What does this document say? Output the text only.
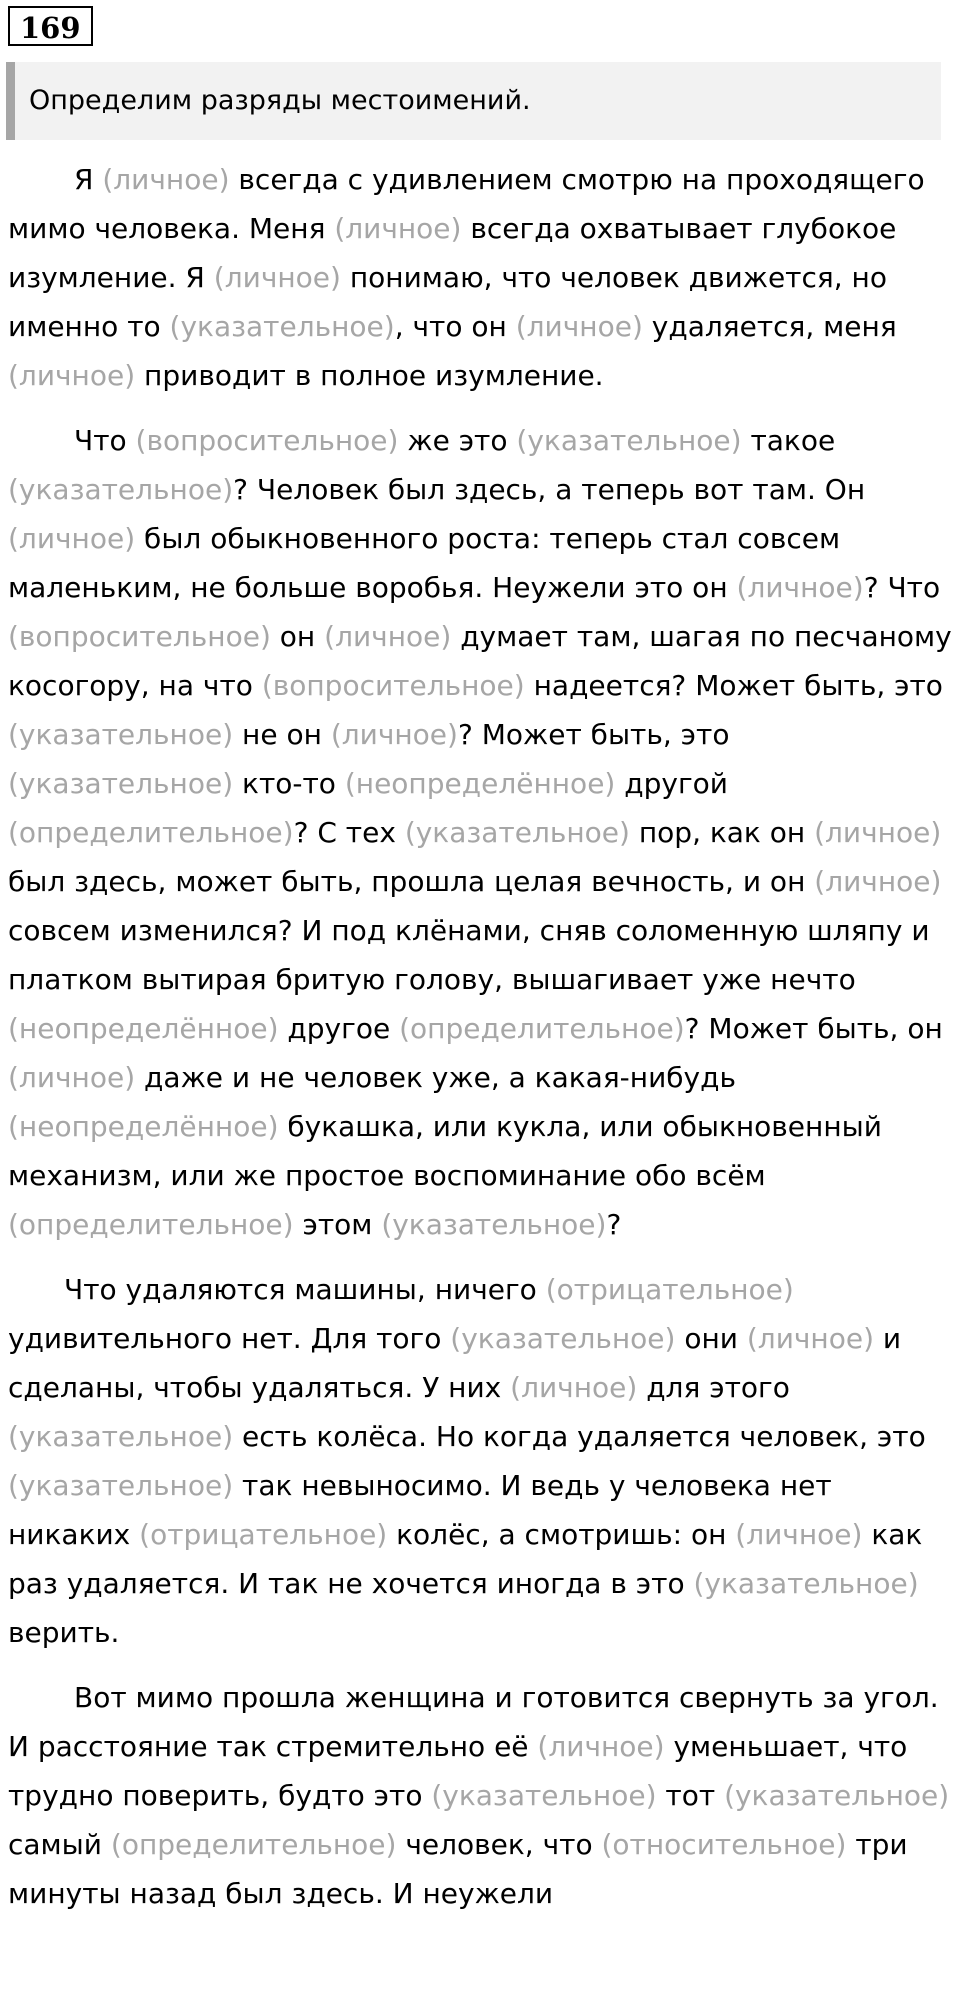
169
Определим разряды местоимений.

Я (личное) всегда с удивлением смотрю на проходящего мимо человека. Меня (личное) всегда охватывает глубокое изумление. Я (личное) понимаю, что человек движется, но именно то (указательное), что он (личное) удаляется, меня (личное) приводит в полное изумление.

Что (вопросительное) же это (указательное) такое (указательное)? Человек был здесь, а теперь вот там. Он (личное) был обыкновенного роста: теперь стал совсем маленьким, не больше воробья. Неужели это он (личное)? Что (вопросительное) он (личное) думает там, шагая по песчаному косогору, на что (вопросительное) надеется? Может быть, это (указательное) не он (личное)? Может быть, это (указательное) кто-то (неопределённое) другой (определительное)? С тех (указательное) пор, как он (личное) был здесь, может быть, прошла целая вечность, и он (личное) совсем изменился? И под клёнами, сняв соломенную шляпу и платком вытирая бритую голову, вышагивает уже нечто (неопределённое) другое (определительное)? Может быть, он (личное) даже и не человек уже, а какая-нибудь (неопределённое) букашка, или кукла, или обыкновенный механизм, или же простое воспоминание обо всём (определительное) этом (указательное)?

Что удаляются машины, ничего (отрицательное) удивительного нет. Для того (указательное) они (личное) и сделаны, чтобы удаляться. У них (личное) для этого (указательное) есть колёса. Но когда удаляется человек, это (указательное) так невыносимо. И ведь у человека нет никаких (отрицательное) колёс, а смотришь: он (личное) как раз удаляется. И так не хочется иногда в это (указательное) верить.

Вот мимо прошла женщина и готовится свернуть за угол. И расстояние так стремительно её (личное) уменьшает, что трудно поверить, будто это (указательное) тот (указательное) самый (определительное) человек, что (относительное) три минуты назад был здесь. И неужели
